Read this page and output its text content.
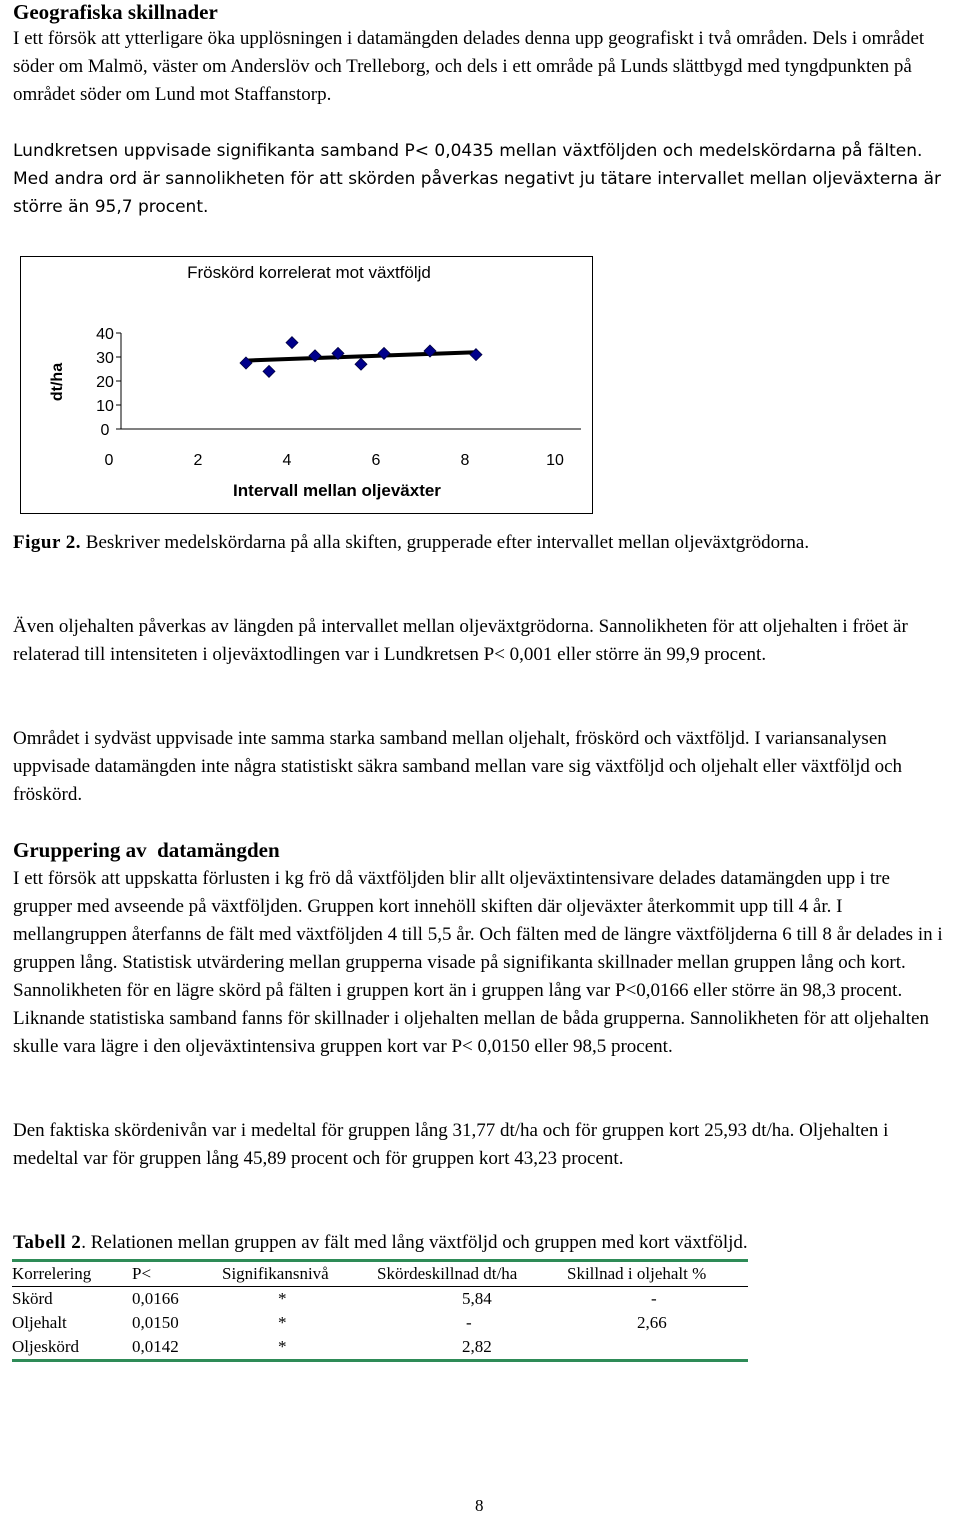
Geografiska skillnader

I ett försök att ytterligare öka upplösningen i datamängden delades denna upp geografiskt i två områden. Dels i området söder om Malmö, väster om Anderslöv och Trelleborg, och dels i ett område på Lunds slättbygd med tyngdpunkten på området söder om Lund mot Staffanstorp.

Lundkretsen uppvisade signifikanta samband P< 0,0435 mellan växtföljden och medelskördarna på fälten. Med andra ord är sannolikheten för att skörden påverkas negativt ju tätare intervallet mellan oljeväxterna är större än 95,7 procent.

Fröskörd korrelerat mot växtföljd
dt/ha
Intervall mellan oljeväxter
40
30
20
10
0
0	2	4	6	8	10

Figur 2. Beskriver medelskördarna på alla skiften, grupperade efter intervallet mellan oljeväxtgrödorna.

Även oljehalten påverkas av längden på intervallet mellan oljeväxtgrödorna. Sannolikheten för att oljehalten i fröet är relaterad till intensiteten i oljeväxtodlingen var i Lundkretsen P< 0,001 eller större än 99,9 procent.

Området i sydväst uppvisade inte samma starka samband mellan oljehalt, fröskörd och växtföljd. I variansanalysen uppvisade datamängden inte några statistiskt säkra samband mellan vare sig växtföljd och oljehalt eller växtföljd och fröskörd.

Gruppering av  datamängden

I ett försök att uppskatta förlusten i kg frö då växtföljden blir allt oljeväxtintensivare delades datamängden upp i tre grupper med avseende på växtföljden. Gruppen kort innehöll skiften där oljeväxter återkommit upp till 4 år. I mellangruppen återfanns de fält med växtföljden 4 till 5,5 år. Och fälten med de längre växtföljderna 6 till 8 år delades in i gruppen lång. Statistisk utvärdering mellan grupperna visade på signifikanta skillnader mellan gruppen lång och kort. Sannolikheten för en lägre skörd på fälten i gruppen kort än i gruppen lång var P<0,0166 eller större än 98,3 procent. Liknande statistiska samband fanns för skillnader i oljehalten mellan de båda grupperna. Sannolikheten för att oljehalten skulle vara lägre i den oljeväxtintensiva gruppen kort var P< 0,0150 eller 98,5 procent.

Den faktiska skördenivån var i medeltal för gruppen lång 31,77 dt/ha och för gruppen kort 25,93 dt/ha. Oljehalten i medeltal var för gruppen lång 45,89 procent och för gruppen kort 43,23 procent.

Tabell 2. Relationen mellan gruppen av fält med lång växtföljd och gruppen med kort växtföljd.

Korrelering	P<	Signifikansnivå	Skördeskillnad dt/ha	Skillnad i oljehalt %
Skörd	0,0166	*	5,84	-
Oljehalt	0,0150	*	-	2,66
Oljeskörd	0,0142	*	2,82	

8
